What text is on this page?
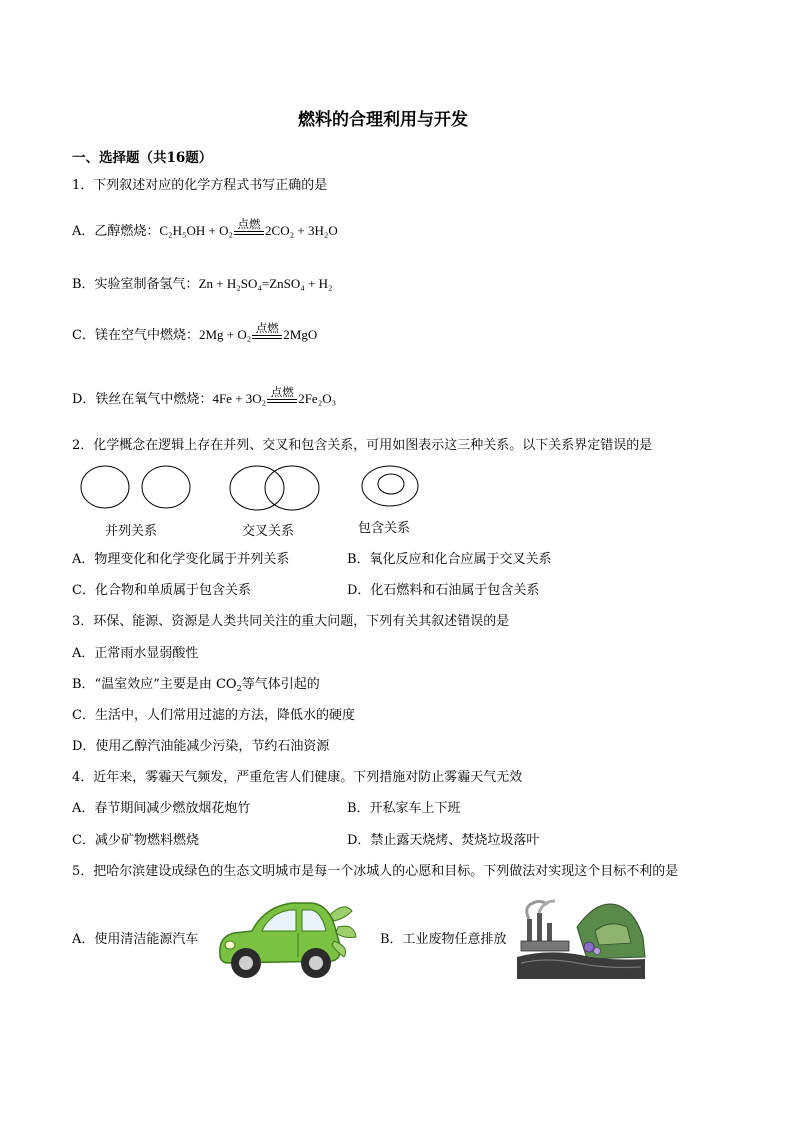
燃料的合理利用与开发
一、选择题（共16题）
1．下列叙述对应的化学方程式书写正确的是
A．乙醇燃烧：C₂H₅OH + O₂ 点燃 2CO₂ + 3H₂O
B．实验室制备氢气：Zn + H₂SO₄=ZnSO₄ + H₂
C．镁在空气中燃烧：2Mg + O₂ 点燃 2MgO
D．铁丝在氧气中燃烧：4Fe + 3O₂ 点燃 2Fe₂O₃
2．化学概念在逻辑上存在并列、交叉和包含关系，可用如图表示这三种关系。以下关系界定错误的是
并列关系	交叉关系	包含关系
A．物理变化和化学变化属于并列关系	B．氧化反应和化合应属于交叉关系
C．化合物和单质属于包含关系	D．化石燃料和石油属于包含关系
3．环保、能源、资源是人类共同关注的重大问题，下列有关其叙述错误的是
A．正常雨水显弱酸性
B．“温室效应”主要是由 $CO_2$等气体引起的
C．生活中，人们常用过滤的方法，降低水的硬度
D．使用乙醇汽油能减少污染，节约石油资源
4．近年来，雾霾天气频发，严重危害人们健康。下列措施对防止雾霾天气无效
A．春节期间减少燃放烟花炮竹	B．开私家车上下班
C．减少矿物燃料燃烧	D．禁止露天烧烤、焚烧垃圾落叶
5．把哈尔滨建设成绿色的生态文明城市是每一个冰城人的心愿和目标。下列做法对实现这个目标不利的是
A．使用清洁能源汽车	B．工业废物任意排放
